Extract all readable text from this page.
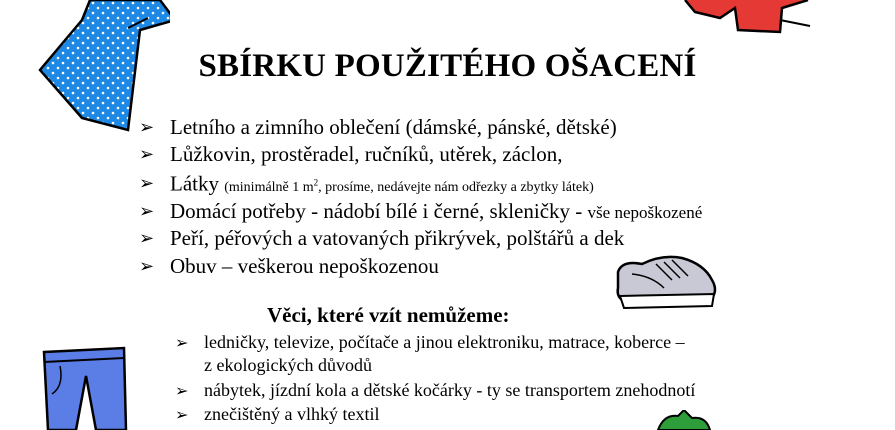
SBÍRKU POUŽITÉHO OŠACENÍ
➢ Letního a zimního oblečení (dámské, pánské, dětské)
➢ Lůžkovin, prostěradel, ručníků, utěrek, záclon,
➢ Látky (minimálně 1 $m^2$, prosíme, nedávejte nám odřezky a zbytky látek)
➢ Domácí potřeby - nádobí bílé i černé, skleničky - vše nepoškozené
➢ Peří, péřových a vatovaných přikrývek, polštářů a dek
➢ Obuv – veškerou nepoškozenou
Věci, které vzít nemůžeme:
➢ ledničky, televize, počítače a jinou elektroniku, matrace, koberce –
z ekologických důvodů
➢ nábytek, jízdní kola a dětské kočárky - ty se transportem znehodnotí
➢ znečištěný a vlhký textil
